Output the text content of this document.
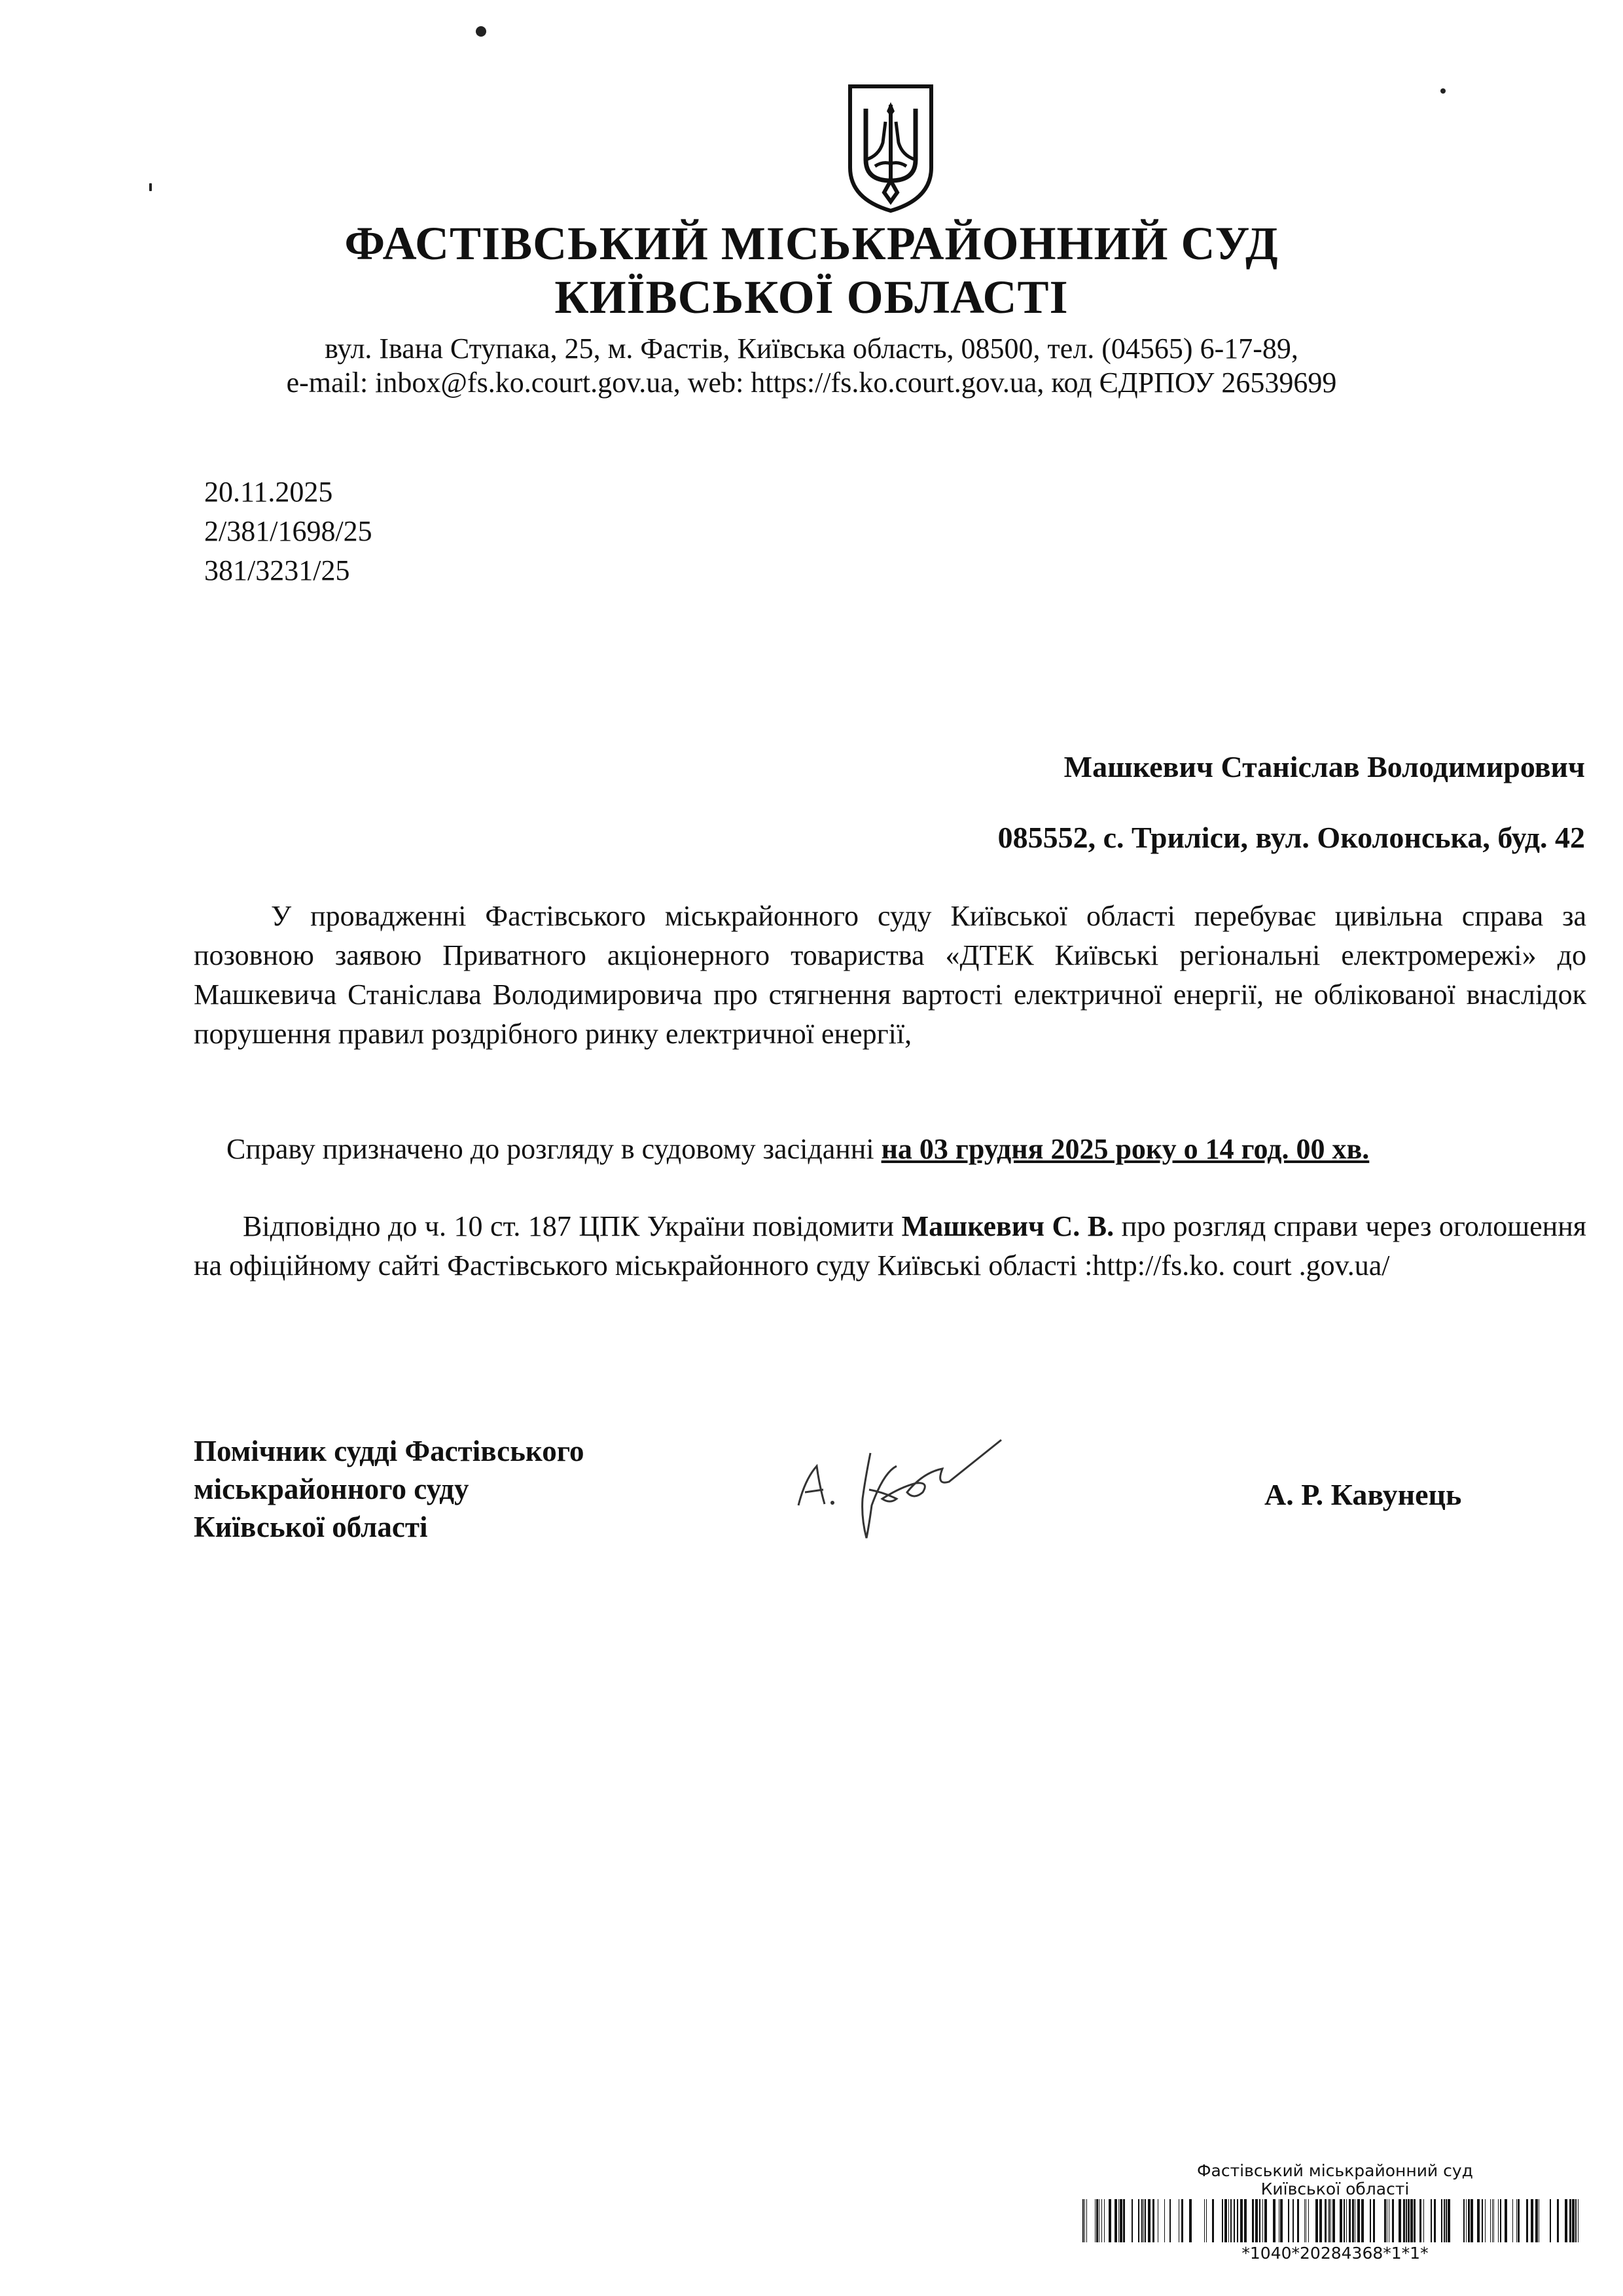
ФАСТІВСЬКИЙ МІСЬКРАЙОННИЙ СУД
КИЇВСЬКОЇ ОБЛАСТІ
вул. Івана Ступака, 25, м. Фастів, Київська область, 08500, тел. (04565) 6-17-89,
e-mail: inbox@fs.ko.court.gov.ua, web: https://fs.ko.court.gov.ua, код ЄДРПОУ 26539699
20.11.2025
2/381/1698/25
381/3231/25
Машкевич Станіслав Володимирович
085552, с. Триліси, вул. Околонська, буд. 42
У провадженні Фастівського міськрайонного суду Київської області перебуває цивільна справа за позовною заявою Приватного акціонерного товариства «ДТЕК Київські регіональні електромережі» до Машкевича Станіслава Володимировича про стягнення вартості електричної енергії, не облікованої внаслідок порушення правил роздрібного ринку електричної енергії,
Справу призначено до розгляду в судовому засіданні на 03 грудня 2025 року о 14 год. 00 хв.
Відповідно до ч. 10 ст. 187 ЦПК України повідомити Машкевич С. В. про розгляд справи через оголошення на офіційному сайті Фастівського міськрайонного суду Київські області :http://fs.ko. court .gov.ua/
Помічник судді Фастівського
міськрайонного суду
Київської області
А. Р. Кавунець
Фастівський міськрайонний суд
Київської області
*1040*20284368*1*1*
